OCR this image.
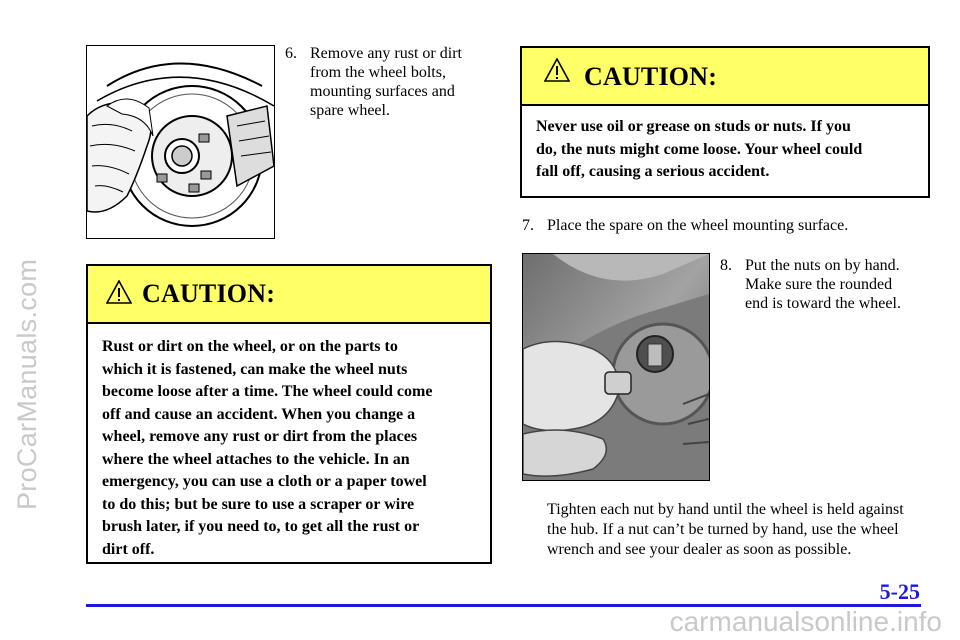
ProCarManuals.com
6. Remove any rust or dirt
from the wheel bolts,
mounting surfaces and
spare wheel.
CAUTION:
Rust or dirt on the wheel, or on the parts to
which it is fastened, can make the wheel nuts
become loose after a time. The wheel could come
off and cause an accident. When you change a
wheel, remove any rust or dirt from the places
where the wheel attaches to the vehicle. In an
emergency, you can use a cloth or a paper towel
to do this; but be sure to use a scraper or wire
brush later, if you need to, to get all the rust or
dirt off.
CAUTION:
Never use oil or grease on studs or nuts. If you
do, the nuts might come loose. Your wheel could
fall off, causing a serious accident.
7. Place the spare on the wheel mounting surface.
8. Put the nuts on by hand.
Make sure the rounded
end is toward the wheel.
Tighten each nut by hand until the wheel is held against
the hub. If a nut can’t be turned by hand, use the wheel
wrench and see your dealer as soon as possible.
5-25
carmanualsonline.info
